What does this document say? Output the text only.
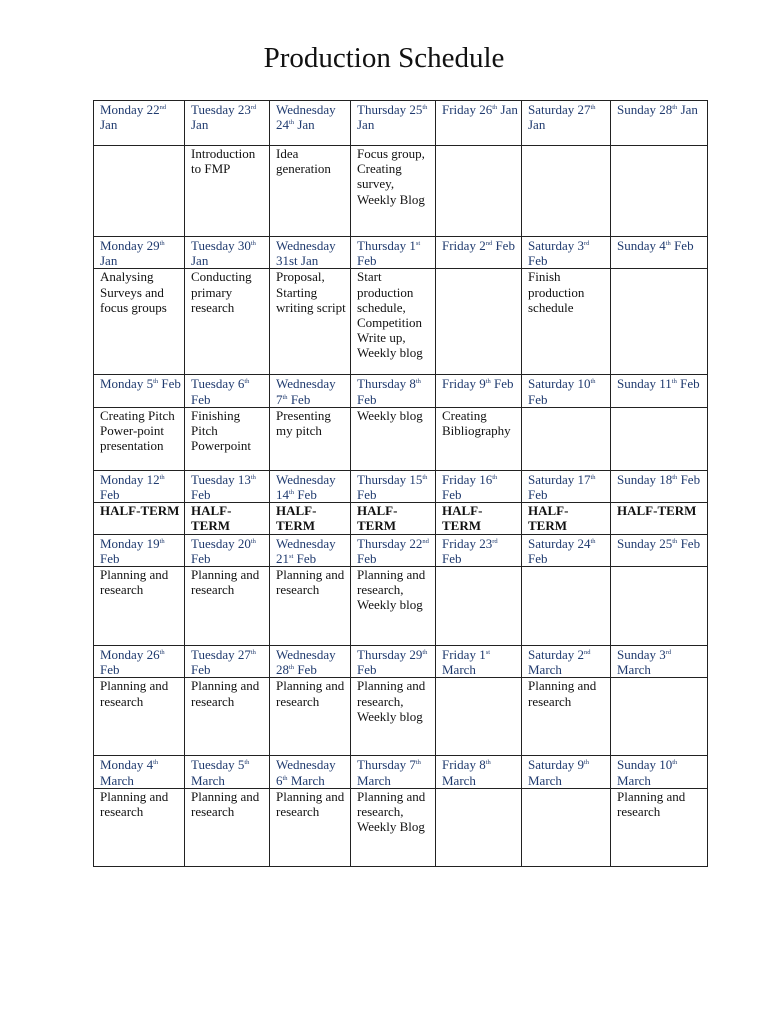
Production Schedule
Monday 22nd Jan	Tuesday 23rd Jan	Wednesday 24th Jan	Thursday 25th Jan	Friday 26th Jan	Saturday 27th Jan	Sunday 28th Jan
	Introduction to FMP	Idea generation	Focus group, Creating survey, Weekly Blog			
Monday 29th Jan	Tuesday 30th Jan	Wednesday 31st Jan	Thursday 1st Feb	Friday 2nd Feb	Saturday 3rd Feb	Sunday 4th Feb
Analysing Surveys and focus groups	Conducting primary research	Proposal, Starting writing script	Start production schedule, Competition Write up, Weekly blog		Finish production schedule	
Monday 5th Feb	Tuesday 6th Feb	Wednesday 7th Feb	Thursday 8th Feb	Friday 9th Feb	Saturday 10th Feb	Sunday 11th Feb
Creating Pitch Power-point presentation	Finishing Pitch Powerpoint	Presenting my pitch	Weekly blog	Creating Bibliography		
Monday 12th Feb	Tuesday 13th Feb	Wednesday 14th Feb	Thursday 15th Feb	Friday 16th Feb	Saturday 17th Feb	Sunday 18th Feb
HALF-TERM	HALF-TERM	HALF-TERM	HALF-TERM	HALF-TERM	HALF-TERM	HALF-TERM
Monday 19th Feb	Tuesday 20th Feb	Wednesday 21st Feb	Thursday 22nd Feb	Friday 23rd Feb	Saturday 24th Feb	Sunday 25th Feb
Planning and research	Planning and research	Planning and research	Planning and research, Weekly blog			
Monday 26th Feb	Tuesday 27th Feb	Wednesday 28th Feb	Thursday 29th Feb	Friday 1st March	Saturday 2nd March	Sunday 3rd March
Planning and research	Planning and research	Planning and research	Planning and research, Weekly blog		Planning and research	
Monday 4th March	Tuesday 5th March	Wednesday 6th March	Thursday 7th March	Friday 8th March	Saturday 9th March	Sunday 10th March
Planning and research	Planning and research	Planning and research	Planning and research, Weekly Blog			Planning and research
